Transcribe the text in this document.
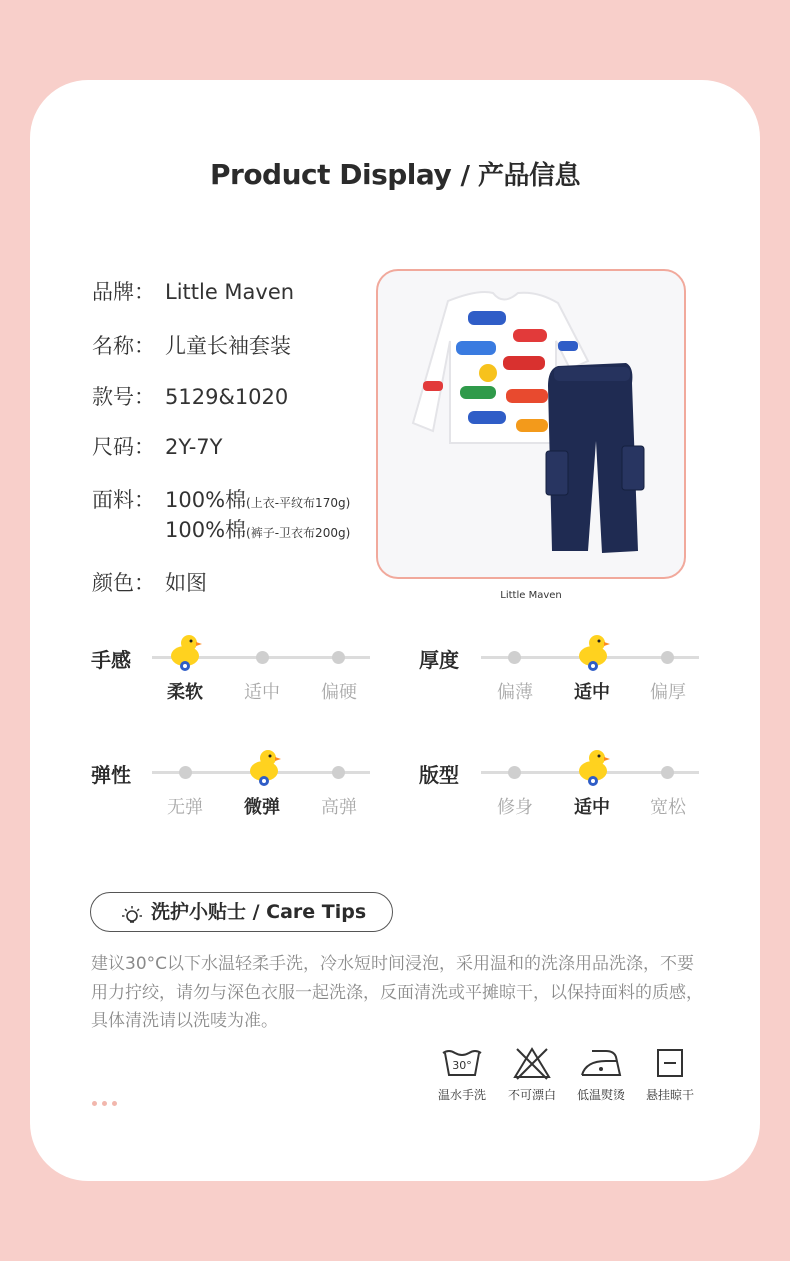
Product Display / 产品信息
品牌： Little Maven
名称： 儿童长袖套装
款号： 5129&1020
尺码： 2Y-7Y
面料： 100%棉(上衣-平纹布170g)
100%棉(裤子-卫衣布200g)
颜色： 如图
Little Maven
手感
柔软	适中	偏硬
厚度
偏薄	适中	偏厚
弹性
无弹	微弹	高弹
版型
修身	适中	宽松
洗护小贴士 / Care Tips
建议30°C以下水温轻柔手洗，冷水短时间浸泡，采用温和的洗涤用品洗涤，不要用力拧绞，请勿与深色衣服一起洗涤，反面清洗或平摊晾干，以保持面料的质感，具体清洗请以洗唛为准。
30°
温水手洗	不可漂白	低温熨烫	悬挂晾干
